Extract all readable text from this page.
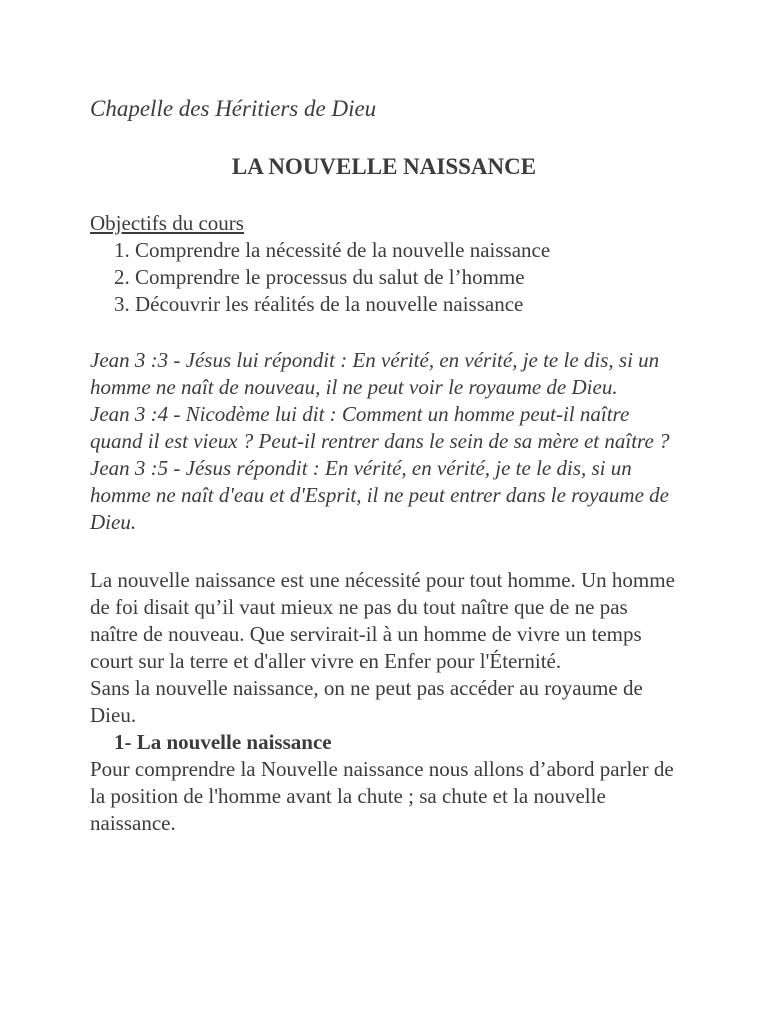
Chapelle des Héritiers de Dieu

LA NOUVELLE NAISSANCE

Objectifs du cours

1. Comprendre la nécessité de la nouvelle naissance
2. Comprendre le processus du salut de l’homme
3. Découvrir les réalités de la nouvelle naissance

Jean 3 :3 - Jésus lui répondit : En vérité, en vérité, je te le dis, si un homme ne naît de nouveau, il ne peut voir le royaume de Dieu.

Jean 3 :4 - Nicodème lui dit : Comment un homme peut-il naître quand il est vieux ? Peut-il rentrer dans le sein de sa mère et naître ?

Jean 3 :5 - Jésus répondit : En vérité, en vérité, je te le dis, si un homme ne naît d'eau et d'Esprit, il ne peut entrer dans le royaume de Dieu.

La nouvelle naissance est une nécessité pour tout homme. Un homme de foi disait qu’il vaut mieux ne pas du tout naître que de ne pas naître de nouveau. Que servirait-il à un homme de vivre un temps court sur la terre et d'aller vivre en Enfer pour l'Éternité.

Sans la nouvelle naissance, on ne peut pas accéder au royaume de Dieu.

1- La nouvelle naissance

Pour comprendre la Nouvelle naissance nous allons d’abord parler de la position de l'homme avant la chute ; sa chute et la nouvelle naissance.
